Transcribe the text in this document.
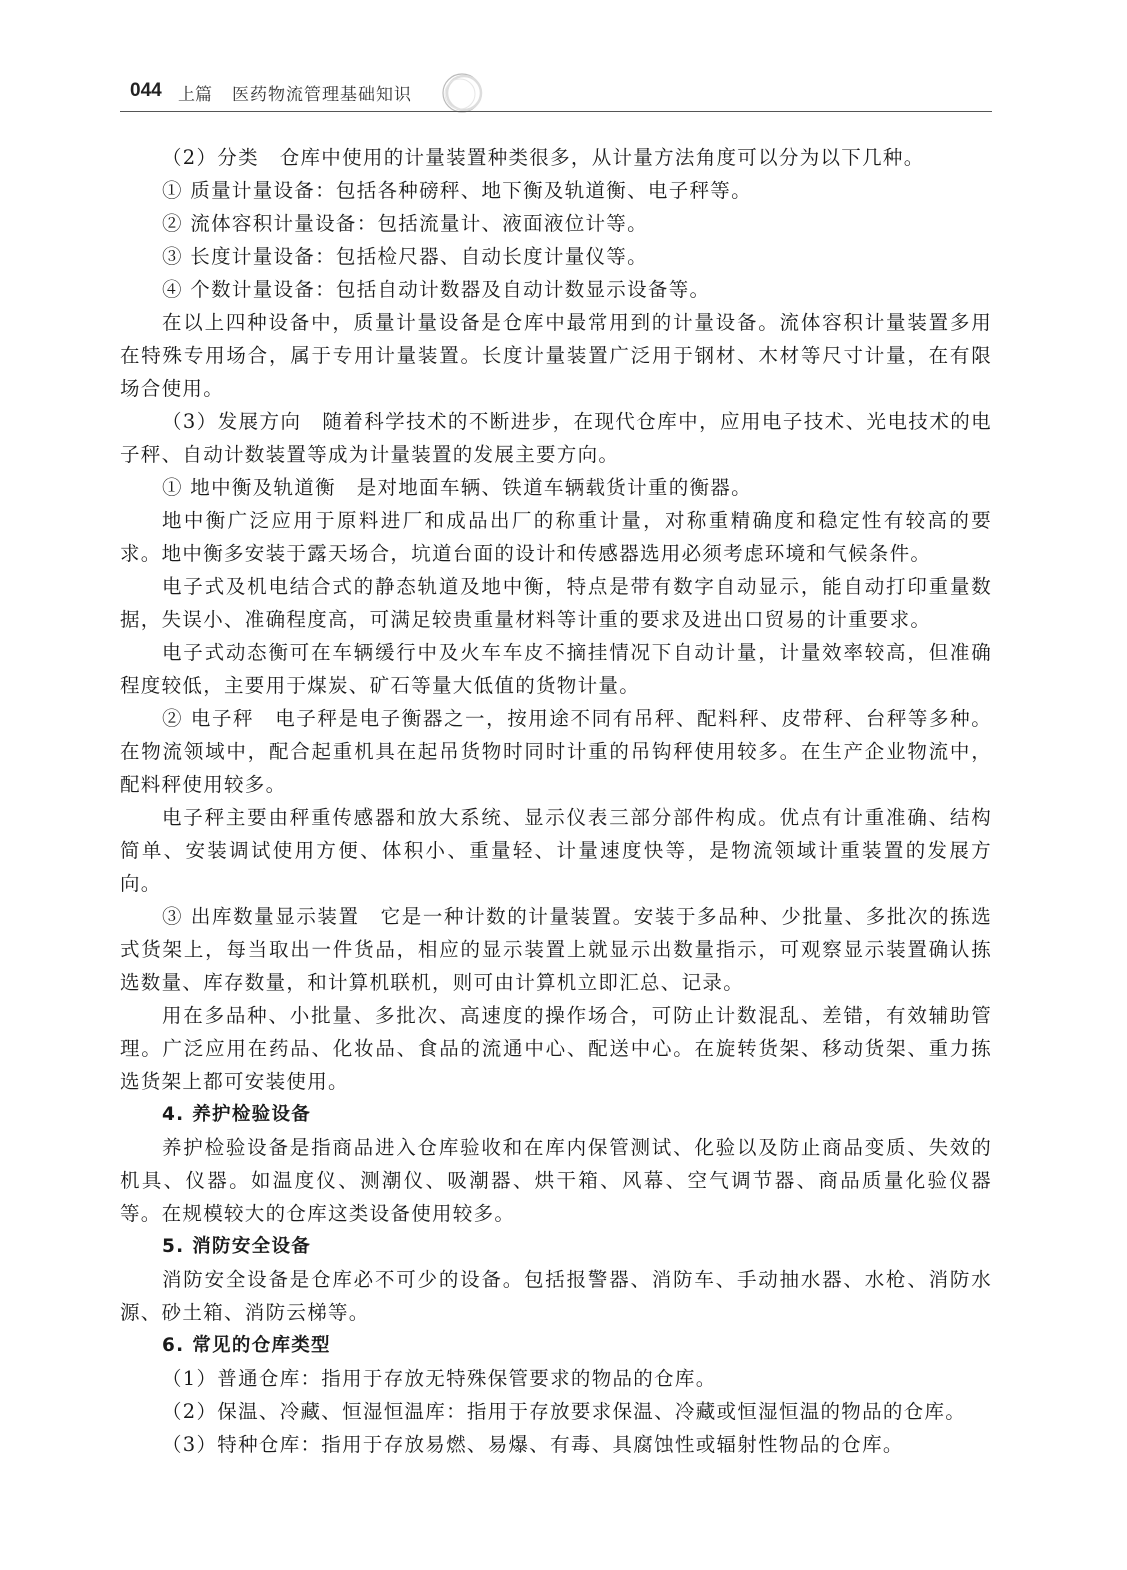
044 上篇 医药物流管理基础知识

（2）分类　仓库中使用的计量装置种类很多，从计量方法角度可以分为以下几种。

① 质量计量设备：包括各种磅秤、地下衡及轨道衡、电子秤等。

② 流体容积计量设备：包括流量计、液面液位计等。

③ 长度计量设备：包括检尺器、自动长度计量仪等。

④ 个数计量设备：包括自动计数器及自动计数显示设备等。

在以上四种设备中，质量计量设备是仓库中最常用到的计量设备。流体容积计量装置多用在特殊专用场合，属于专用计量装置。长度计量装置广泛用于钢材、木材等尺寸计量，在有限场合使用。

（3）发展方向　随着科学技术的不断进步，在现代仓库中，应用电子技术、光电技术的电子秤、自动计数装置等成为计量装置的发展主要方向。

① 地中衡及轨道衡　是对地面车辆、铁道车辆载货计重的衡器。

地中衡广泛应用于原料进厂和成品出厂的称重计量，对称重精确度和稳定性有较高的要求。地中衡多安装于露天场合，坑道台面的设计和传感器选用必须考虑环境和气候条件。

电子式及机电结合式的静态轨道及地中衡，特点是带有数字自动显示，能自动打印重量数据，失误小、准确程度高，可满足较贵重量材料等计重的要求及进出口贸易的计重要求。

电子式动态衡可在车辆缓行中及火车车皮不摘挂情况下自动计量，计量效率较高，但准确程度较低，主要用于煤炭、矿石等量大低值的货物计量。

② 电子秤　电子秤是电子衡器之一，按用途不同有吊秤、配料秤、皮带秤、台秤等多种。在物流领域中，配合起重机具在起吊货物时同时计重的吊钩秤使用较多。在生产企业物流中，配料秤使用较多。

电子秤主要由秤重传感器和放大系统、显示仪表三部分部件构成。优点有计重准确、结构简单、安装调试使用方便、体积小、重量轻、计量速度快等，是物流领域计重装置的发展方向。

③ 出库数量显示装置　它是一种计数的计量装置。安装于多品种、少批量、多批次的拣选式货架上，每当取出一件货品，相应的显示装置上就显示出数量指示，可观察显示装置确认拣选数量、库存数量，和计算机联机，则可由计算机立即汇总、记录。

用在多品种、小批量、多批次、高速度的操作场合，可防止计数混乱、差错，有效辅助管理。广泛应用在药品、化妆品、食品的流通中心、配送中心。在旋转货架、移动货架、重力拣选货架上都可安装使用。

4. 养护检验设备

养护检验设备是指商品进入仓库验收和在库内保管测试、化验以及防止商品变质、失效的机具、仪器。如温度仪、测潮仪、吸潮器、烘干箱、风幕、空气调节器、商品质量化验仪器等。在规模较大的仓库这类设备使用较多。

5. 消防安全设备

消防安全设备是仓库必不可少的设备。包括报警器、消防车、手动抽水器、水枪、消防水源、砂土箱、消防云梯等。

6. 常见的仓库类型

（1）普通仓库：指用于存放无特殊保管要求的物品的仓库。

（2）保温、冷藏、恒湿恒温库：指用于存放要求保温、冷藏或恒湿恒温的物品的仓库。

（3）特种仓库：指用于存放易燃、易爆、有毒、具腐蚀性或辐射性物品的仓库。
